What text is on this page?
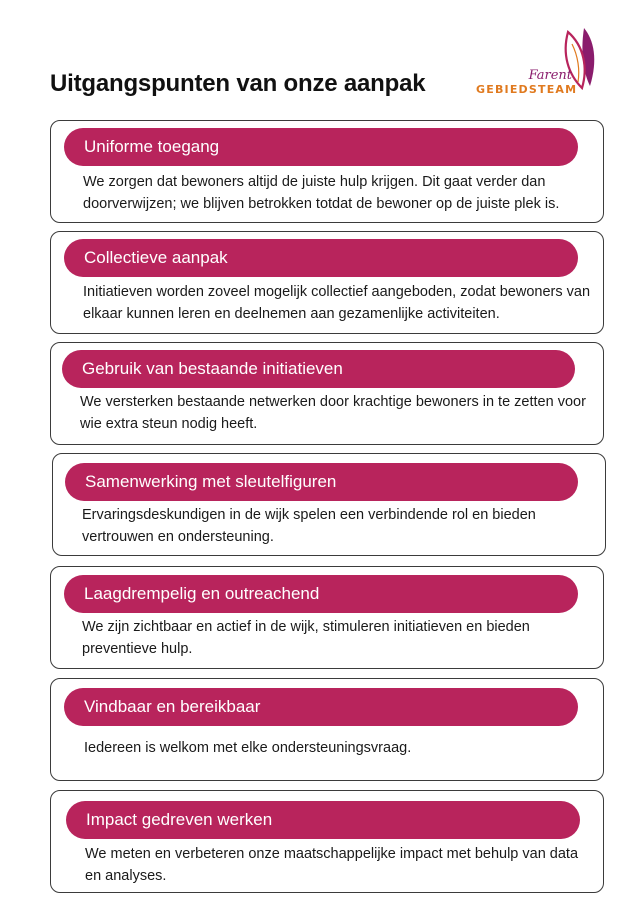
Uitgangspunten van onze aanpak	Farent
GEBIEDSTEAM
Uniforme toegang
We zorgen dat bewoners altijd de juiste hulp krijgen. Dit gaat verder dan doorverwijzen; we blijven betrokken totdat de bewoner op de juiste plek is.
Collectieve aanpak
Initiatieven worden zoveel mogelijk collectief aangeboden, zodat bewoners van elkaar kunnen leren en deelnemen aan gezamenlijke activiteiten.
Gebruik van bestaande initiatieven
We versterken bestaande netwerken door krachtige bewoners in te zetten voor wie extra steun nodig heeft.
Samenwerking met sleutelfiguren
Ervaringsdeskundigen in de wijk spelen een verbindende rol en bieden vertrouwen en ondersteuning.
Laagdrempelig en outreachend
We zijn zichtbaar en actief in de wijk, stimuleren initiatieven en bieden preventieve hulp.
Vindbaar en bereikbaar
Iedereen is welkom met elke ondersteuningsvraag.
Impact gedreven werken
We meten en verbeteren onze maatschappelijke impact met behulp van data en analyses.
